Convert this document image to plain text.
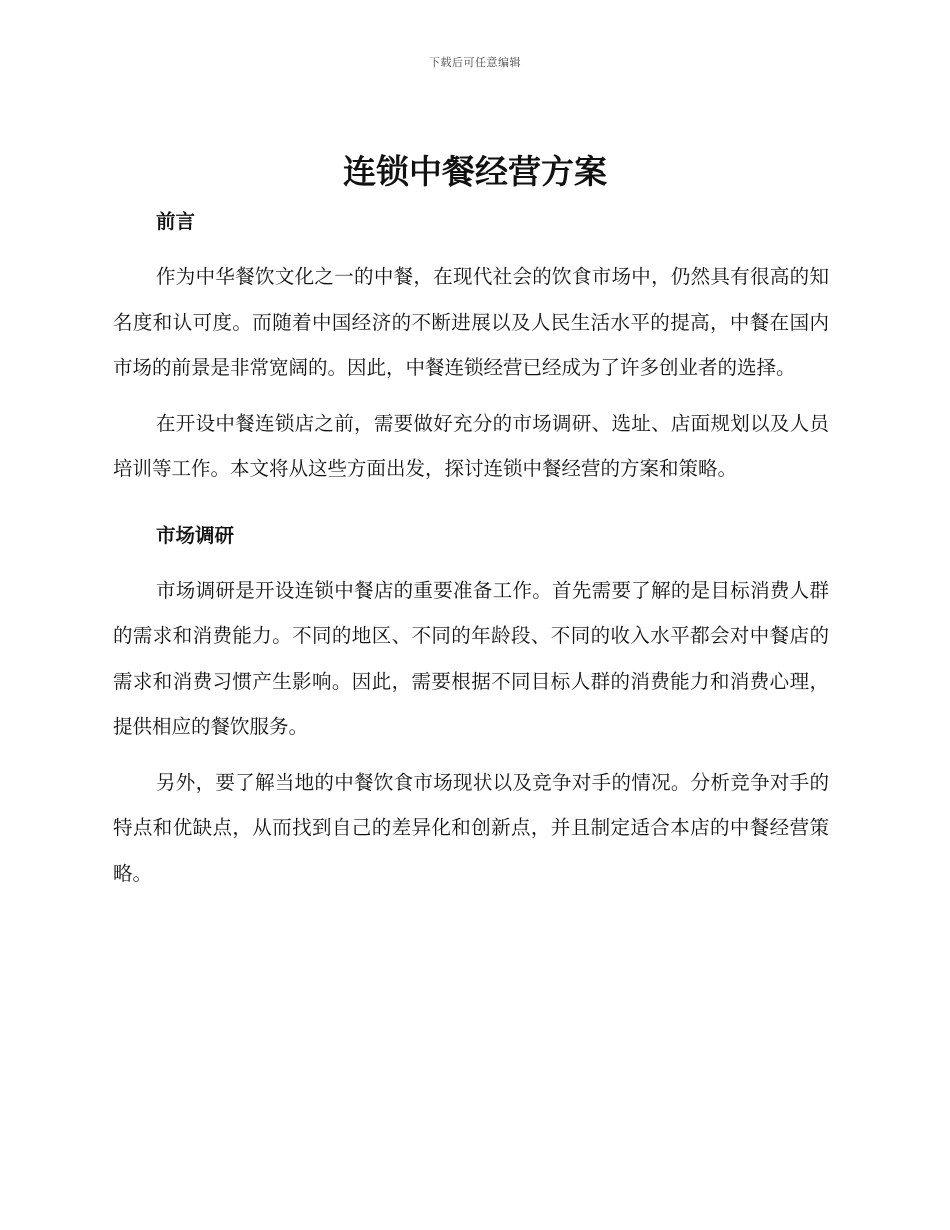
下载后可任意编辑
连锁中餐经营方案
前言

作为中华餐饮文化之一的中餐，在现代社会的饮食市场中，仍然具有很高的知名度和认可度。而随着中国经济的不断进展以及人民生活水平的提高，中餐在国内市场的前景是非常宽阔的。因此，中餐连锁经营已经成为了许多创业者的选择。

在开设中餐连锁店之前，需要做好充分的市场调研、选址、店面规划以及人员培训等工作。本文将从这些方面出发，探讨连锁中餐经营的方案和策略。

市场调研

市场调研是开设连锁中餐店的重要准备工作。首先需要了解的是目标消费人群的需求和消费能力。不同的地区、不同的年龄段、不同的收入水平都会对中餐店的需求和消费习惯产生影响。因此，需要根据不同目标人群的消费能力和消费心理，提供相应的餐饮服务。

另外，要了解当地的中餐饮食市场现状以及竞争对手的情况。分析竞争对手的特点和优缺点，从而找到自己的差异化和创新点，并且制定适合本店的中餐经营策略。
